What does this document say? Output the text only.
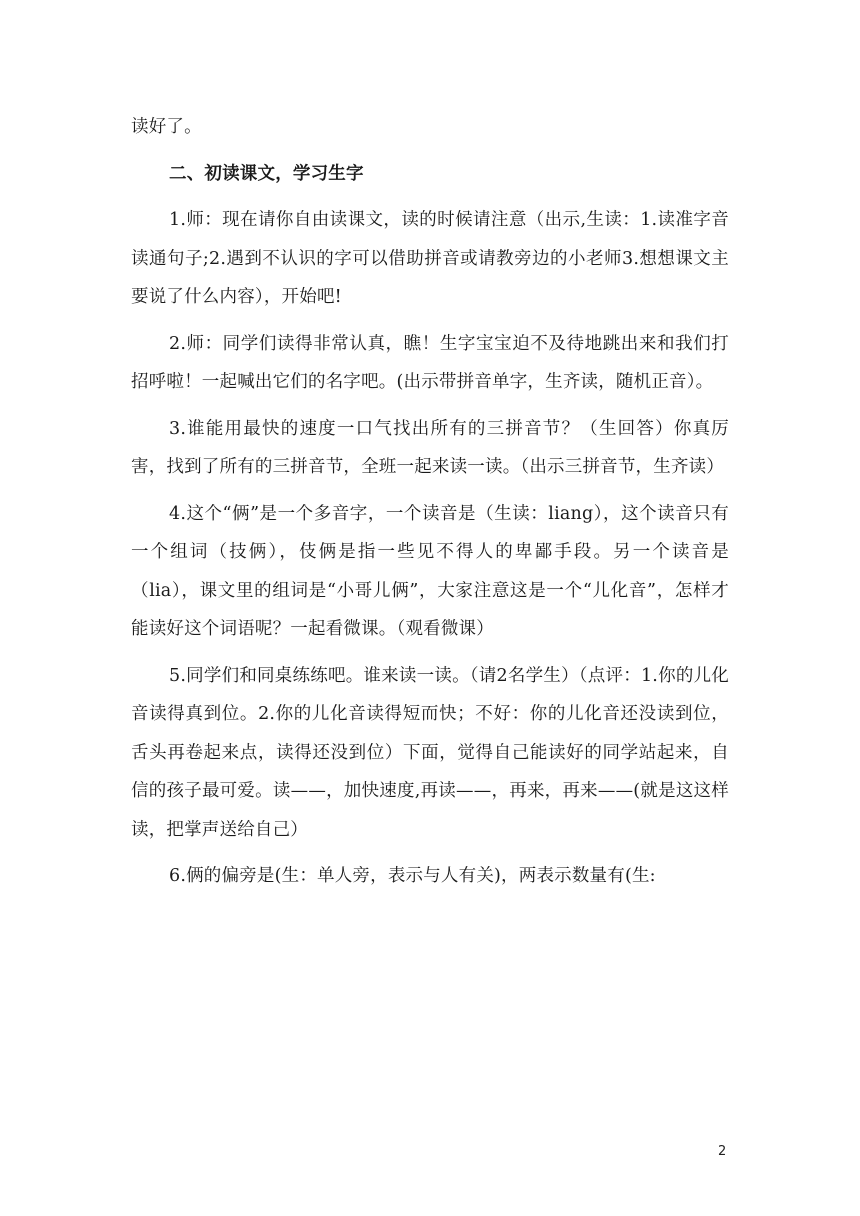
读好了。

二、初读课文，学习生字

1.师：现在请你自由读课文，读的时候请注意（出示,生读：1.读准字音读通句子;2.遇到不认识的字可以借助拼音或请教旁边的小老师3.想想课文主要说了什么内容），开始吧!

2.师：同学们读得非常认真，瞧！生字宝宝迫不及待地跳出来和我们打招呼啦！一起喊出它们的名字吧。(出示带拼音单字，生齐读，随机正音）。

3.谁能用最快的速度一口气找出所有的三拼音节？（生回答）你真厉害，找到了所有的三拼音节，全班一起来读一读。（出示三拼音节，生齐读）

4.这个“俩”是一个多音字，一个读音是（生读：liang），这个读音只有一个组词（技俩），伎俩是指一些见不得人的卑鄙手段。另一个读音是（lia），课文里的组词是“小哥儿俩”，大家注意这是一个“儿化音”，怎样才能读好这个词语呢？一起看微课。（观看微课）

5.同学们和同桌练练吧。谁来读一读。（请2名学生）（点评：1.你的儿化音读得真到位。2.你的儿化音读得短而快；不好：你的儿化音还没读到位，舌头再卷起来点，读得还没到位）下面，觉得自己能读好的同学站起来，自信的孩子最可爱。读——，加快速度,再读——，再来，再来——(就是这这样读，把掌声送给自己）

6.俩的偏旁是(生：单人旁，表示与人有关)，两表示数量有(生:

2
